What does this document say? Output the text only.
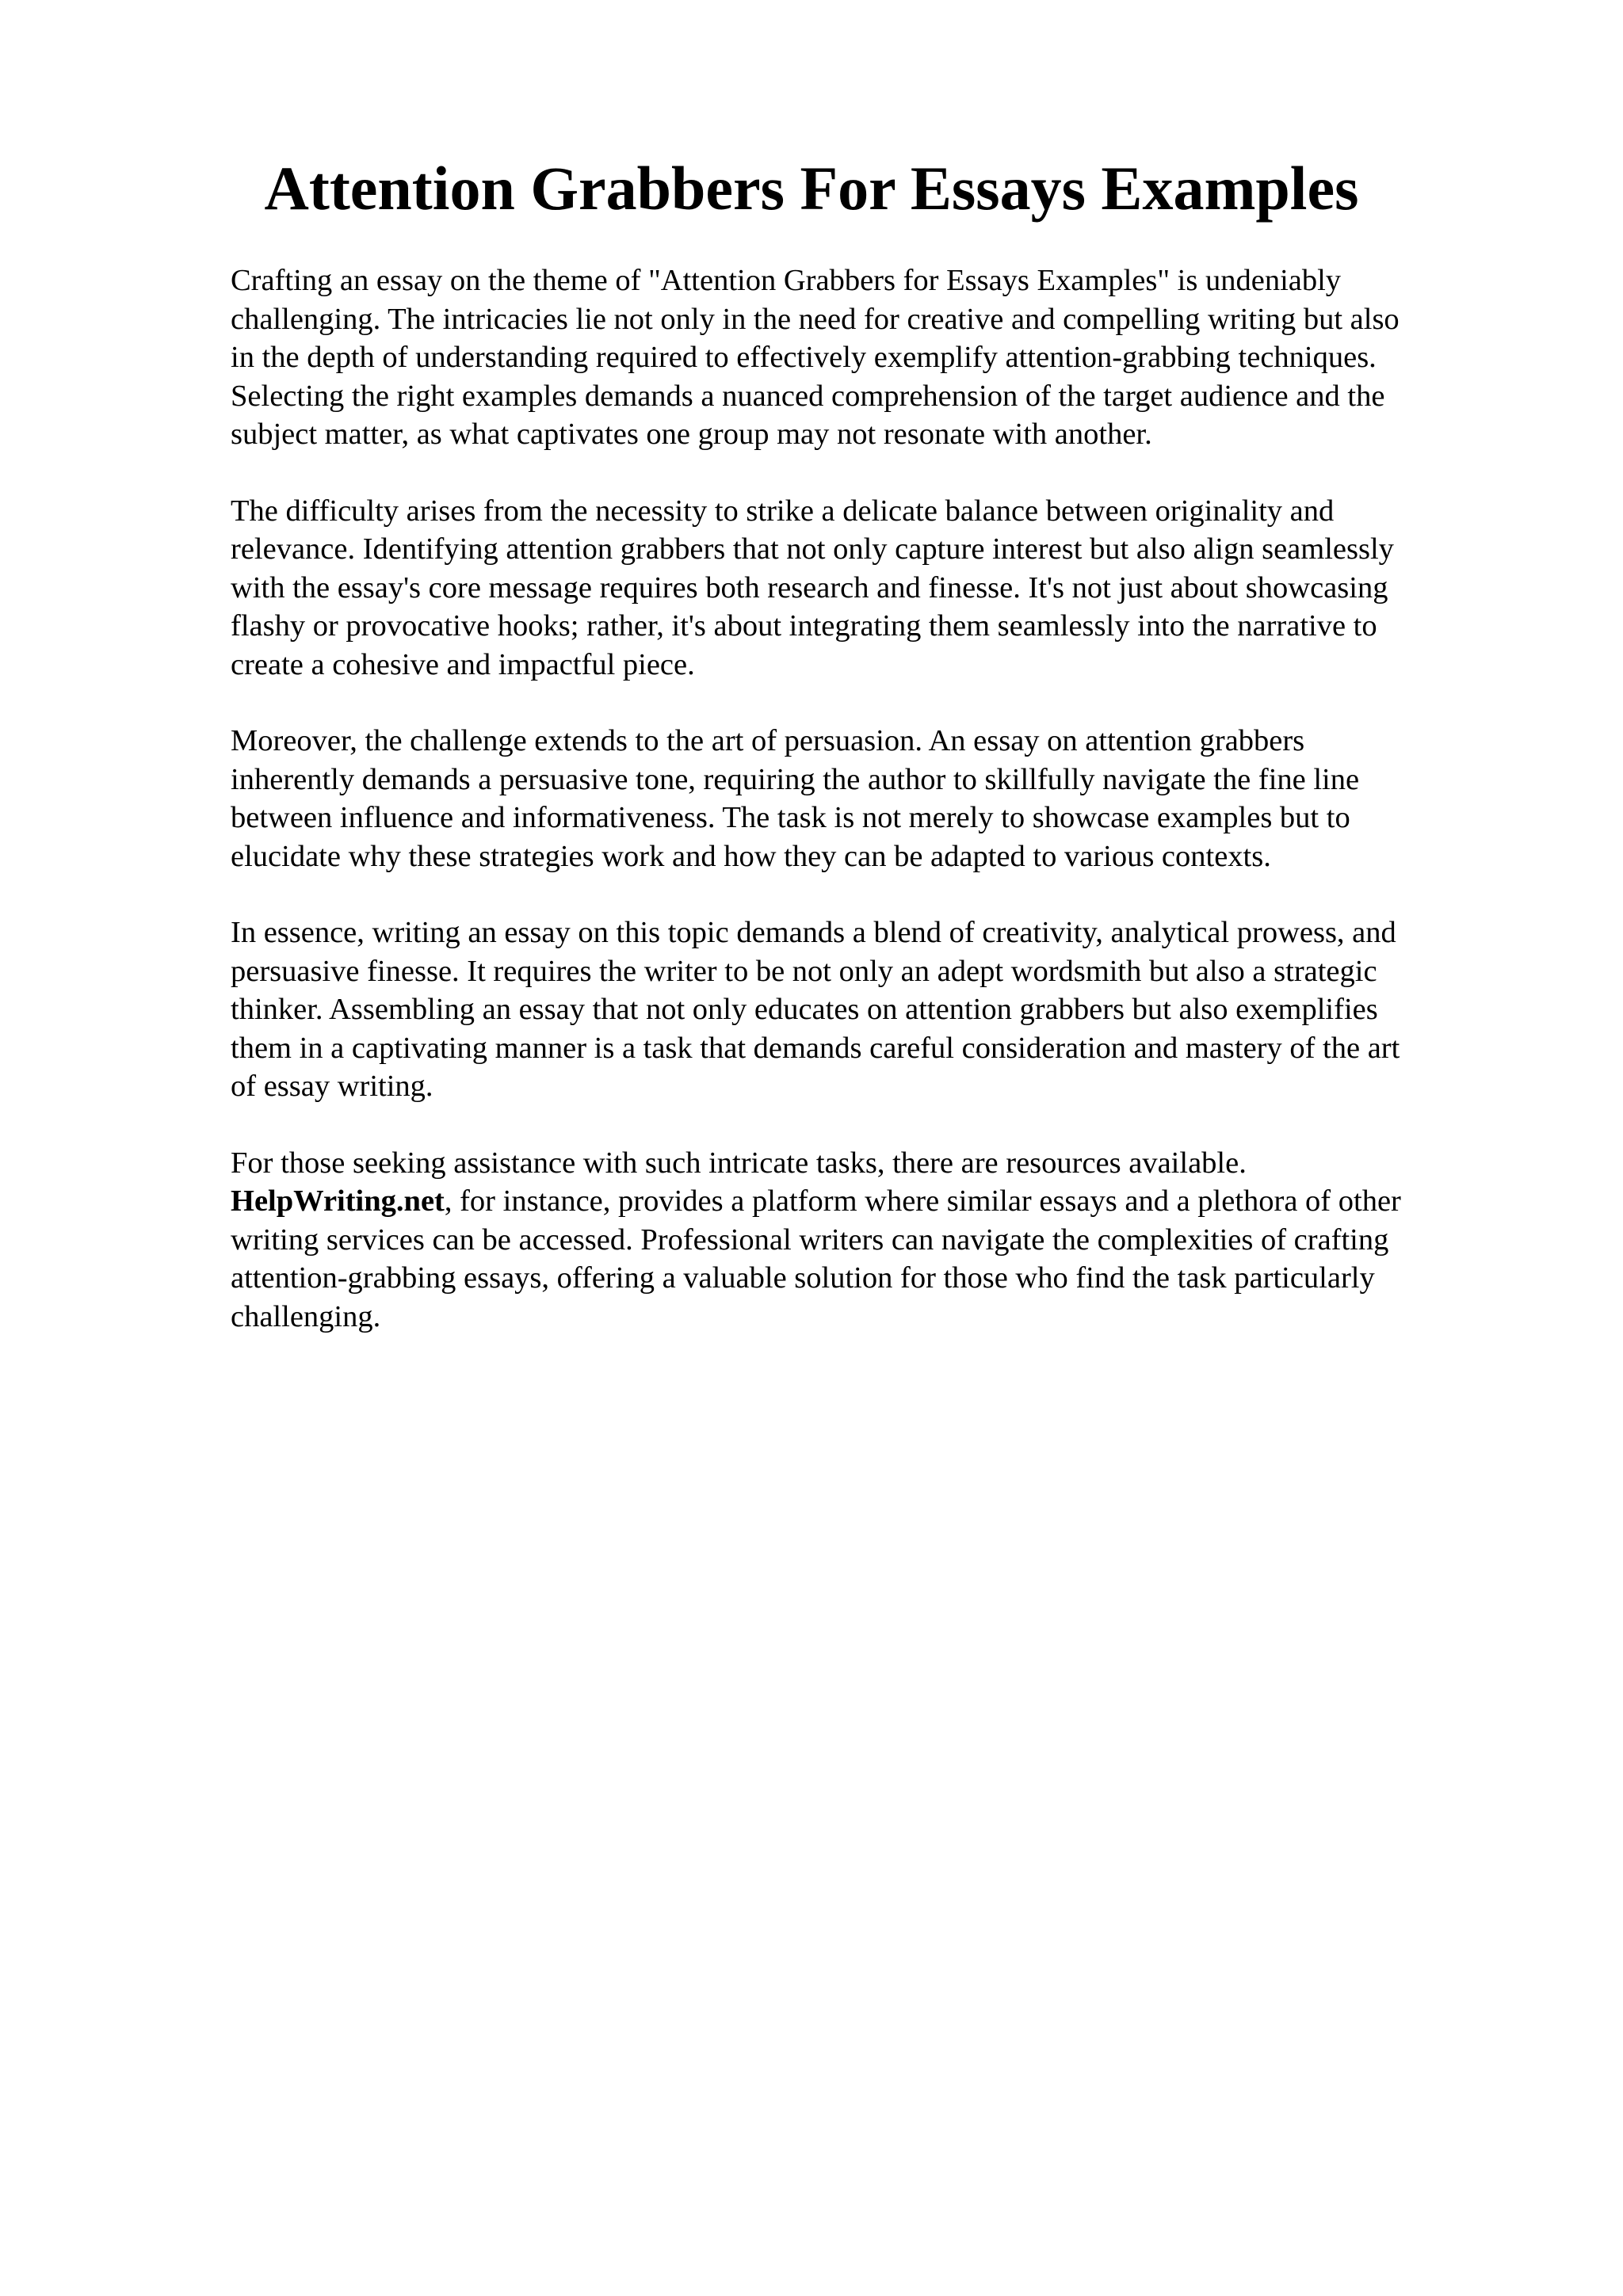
Attention Grabbers For Essays Examples

Crafting an essay on the theme of "Attention Grabbers for Essays Examples" is undeniably
challenging. The intricacies lie not only in the need for creative and compelling writing but also
in the depth of understanding required to effectively exemplify attention-grabbing techniques.
Selecting the right examples demands a nuanced comprehension of the target audience and the
subject matter, as what captivates one group may not resonate with another.

The difficulty arises from the necessity to strike a delicate balance between originality and
relevance. Identifying attention grabbers that not only capture interest but also align seamlessly
with the essay's core message requires both research and finesse. It's not just about showcasing
flashy or provocative hooks; rather, it's about integrating them seamlessly into the narrative to
create a cohesive and impactful piece.

Moreover, the challenge extends to the art of persuasion. An essay on attention grabbers
inherently demands a persuasive tone, requiring the author to skillfully navigate the fine line
between influence and informativeness. The task is not merely to showcase examples but to
elucidate why these strategies work and how they can be adapted to various contexts.

In essence, writing an essay on this topic demands a blend of creativity, analytical prowess, and
persuasive finesse. It requires the writer to be not only an adept wordsmith but also a strategic
thinker. Assembling an essay that not only educates on attention grabbers but also exemplifies
them in a captivating manner is a task that demands careful consideration and mastery of the art
of essay writing.

For those seeking assistance with such intricate tasks, there are resources available.
HelpWriting.net, for instance, provides a platform where similar essays and a plethora of other
writing services can be accessed. Professional writers can navigate the complexities of crafting
attention-grabbing essays, offering a valuable solution for those who find the task particularly
challenging.
